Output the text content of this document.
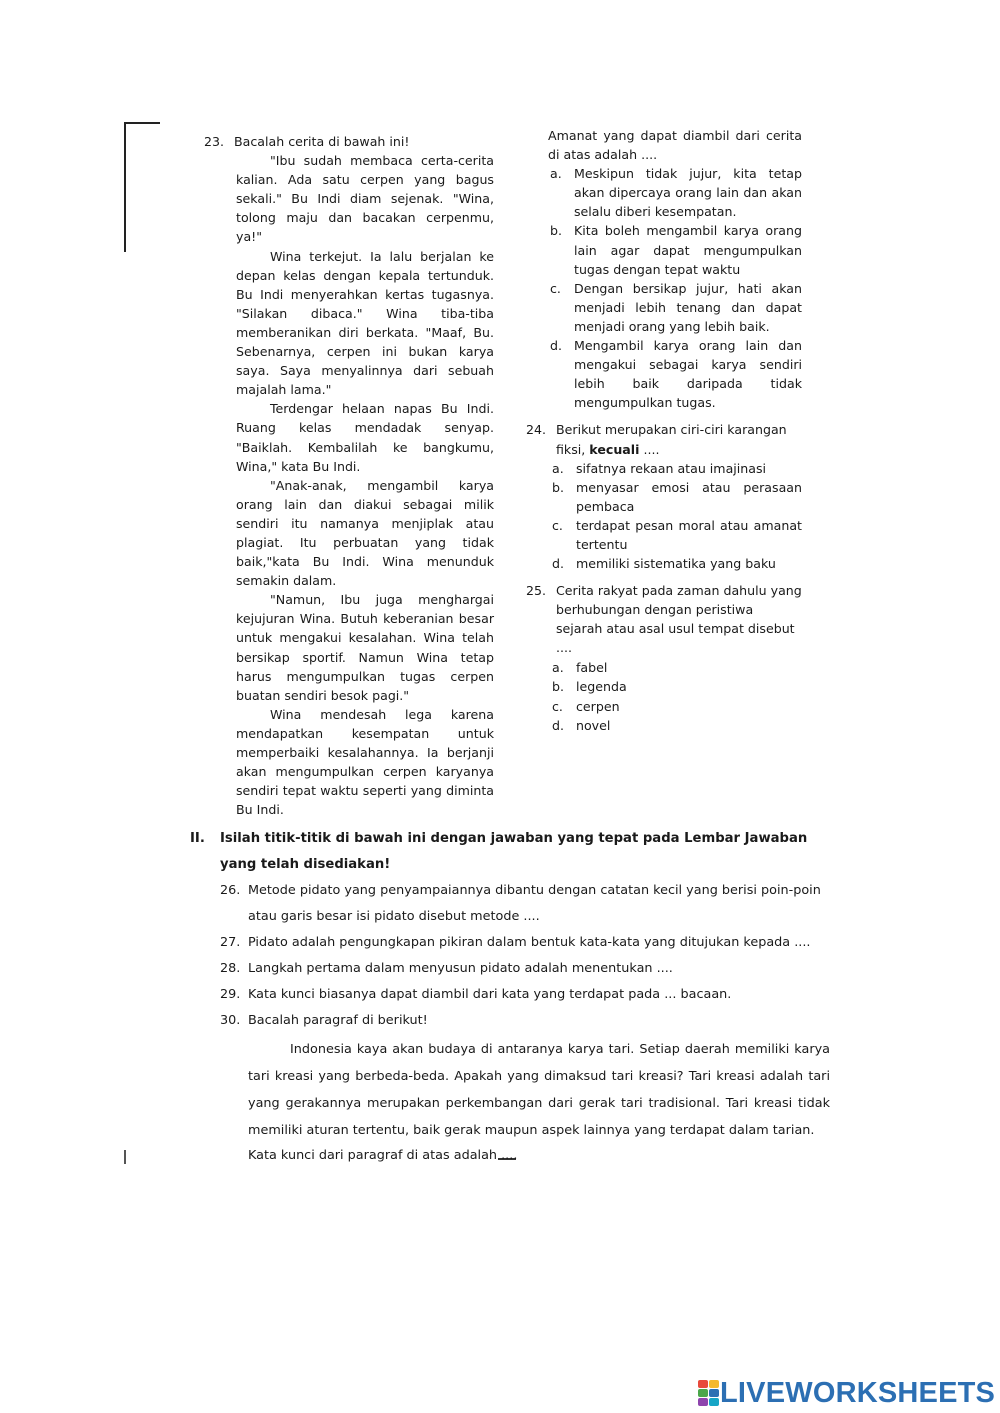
23. Bacalah cerita di bawah ini!

"Ibu sudah membaca certa-cerita kalian. Ada satu cerpen yang bagus sekali." Bu Indi diam sejenak. "Wina, tolong maju dan bacakan cerpenmu, ya!"

Wina terkejut. Ia lalu berjalan ke depan kelas dengan kepala tertunduk. Bu Indi menyerahkan kertas tugasnya. "Silakan dibaca." Wina tiba-tiba memberanikan diri berkata. "Maaf, Bu. Sebenarnya, cerpen ini bukan karya saya. Saya menyalinnya dari sebuah majalah lama."

Terdengar helaan napas Bu Indi. Ruang kelas mendadak senyap. "Baiklah. Kembalilah ke bangkumu, Wina," kata Bu Indi.

"Anak-anak, mengambil karya orang lain dan diakui sebagai milik sendiri itu namanya menjiplak atau plagiat. Itu perbuatan yang tidak baik,"kata Bu Indi. Wina menunduk semakin dalam.

"Namun, Ibu juga menghargai kejujuran Wina. Butuh keberanian besar untuk mengakui kesalahan. Wina telah bersikap sportif. Namun Wina tetap harus mengumpulkan tugas cerpen buatan sendiri besok pagi."

Wina mendesah lega karena mendapatkan kesempatan untuk memperbaiki kesalahannya. Ia berjanji akan mengumpulkan cerpen karyanya sendiri tepat waktu seperti yang diminta Bu Indi.

Amanat yang dapat diambil dari cerita di atas adalah ....
a. Meskipun tidak jujur, kita tetap akan dipercaya orang lain dan akan selalu diberi kesempatan.
b. Kita boleh mengambil karya orang lain agar dapat mengumpulkan tugas dengan tepat waktu
c. Dengan bersikap jujur, hati akan menjadi lebih tenang dan dapat menjadi orang yang lebih baik.
d. Mengambil karya orang lain dan mengakui sebagai karya sendiri lebih baik daripada tidak mengumpulkan tugas.
24. Berikut merupakan ciri-ciri karangan fiksi, kecuali ....
a. sifatnya rekaan atau imajinasi
b. menyasar emosi atau perasaan pembaca
c. terdapat pesan moral atau amanat tertentu
d. memiliki sistematika yang baku
25. Cerita rakyat pada zaman dahulu yang berhubungan dengan peristiwa sejarah atau asal usul tempat disebut ....
a. fabel
b. legenda
c. cerpen
d. novel
II. Isilah titik-titik di bawah ini dengan jawaban yang tepat pada Lembar Jawaban yang telah disediakan!
26. Metode pidato yang penyampaiannya dibantu dengan catatan kecil yang berisi poin-poin atau garis besar isi pidato disebut metode ....
27. Pidato adalah pengungkapan pikiran dalam bentuk kata-kata yang ditujukan kepada ....
28. Langkah pertama dalam menyusun pidato adalah menentukan ....
29. Kata kunci biasanya dapat diambil dari kata yang terdapat pada ... bacaan.
30. Bacalah paragraf di berikut!
Indonesia kaya akan budaya di antaranya karya tari. Setiap daerah memiliki karya tari kreasi yang berbeda-beda. Apakah yang dimaksud tari kreasi? Tari kreasi adalah tari yang gerakannya merupakan perkembangan dari gerak tari tradisional. Tari kreasi tidak memiliki aturan tertentu, baik gerak maupun aspek lainnya yang terdapat dalam tarian.
Kata kunci dari paragraf di atas adalah ....
LIVEWORKSHEETS
